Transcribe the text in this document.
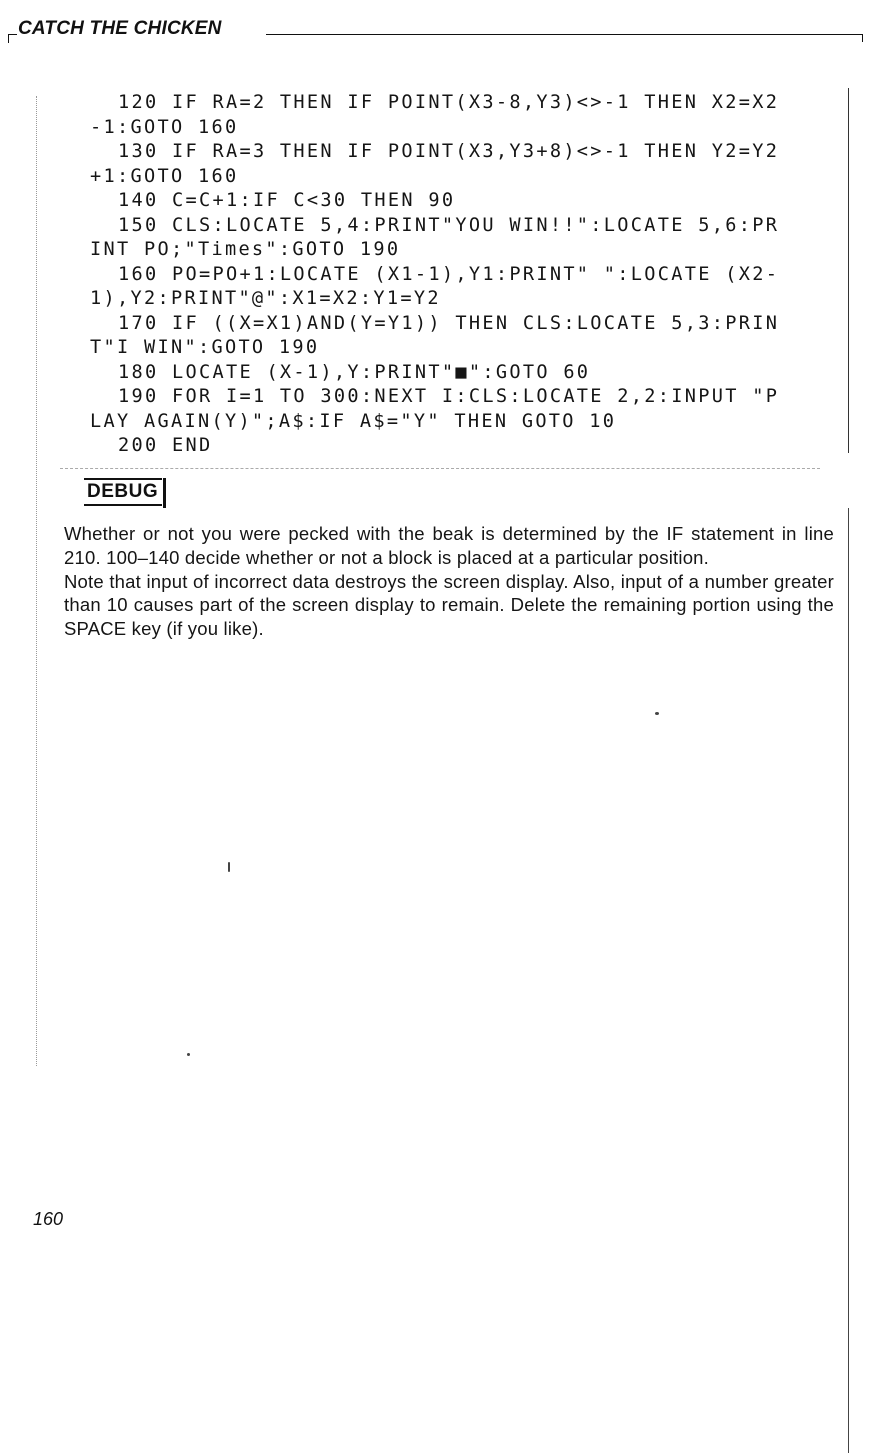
CATCH THE CHICKEN
120 IF RA=2 THEN IF POINT(X3-8,Y3)<>-1 THEN X2=X2
-1:GOTO 160
130 IF RA=3 THEN IF POINT(X3,Y3+8)<>-1 THEN Y2=Y2
+1:GOTO 160
140 C=C+1:IF C<30 THEN 90
150 CLS:LOCATE 5,4:PRINT"YOU WIN!!":LOCATE 5,6:PR
INT PO;"Times":GOTO 190
160 PO=PO+1:LOCATE (X1-1),Y1:PRINT" ":LOCATE (X2-
1),Y2:PRINT"@":X1=X2:Y1=Y2
170 IF ((X=X1)AND(Y=Y1)) THEN CLS:LOCATE 5,3:PRIN
T"I WIN":GOTO 190
180 LOCATE (X-1),Y:PRINT"■":GOTO 60
190 FOR I=1 TO 300:NEXT I:CLS:LOCATE 2,2:INPUT "P
LAY AGAIN(Y)";A$:IF A$="Y" THEN GOTO 10
200 END
DEBUG

Whether or not you were pecked with the beak is determined by the IF statement in line 210. 100–140 decide whether or not a block is placed at a particular position.

Note that input of incorrect data destroys the screen display. Also, input of a number greater than 10 causes part of the screen display to remain. Delete the remaining portion using the SPACE key (if you like).

160
